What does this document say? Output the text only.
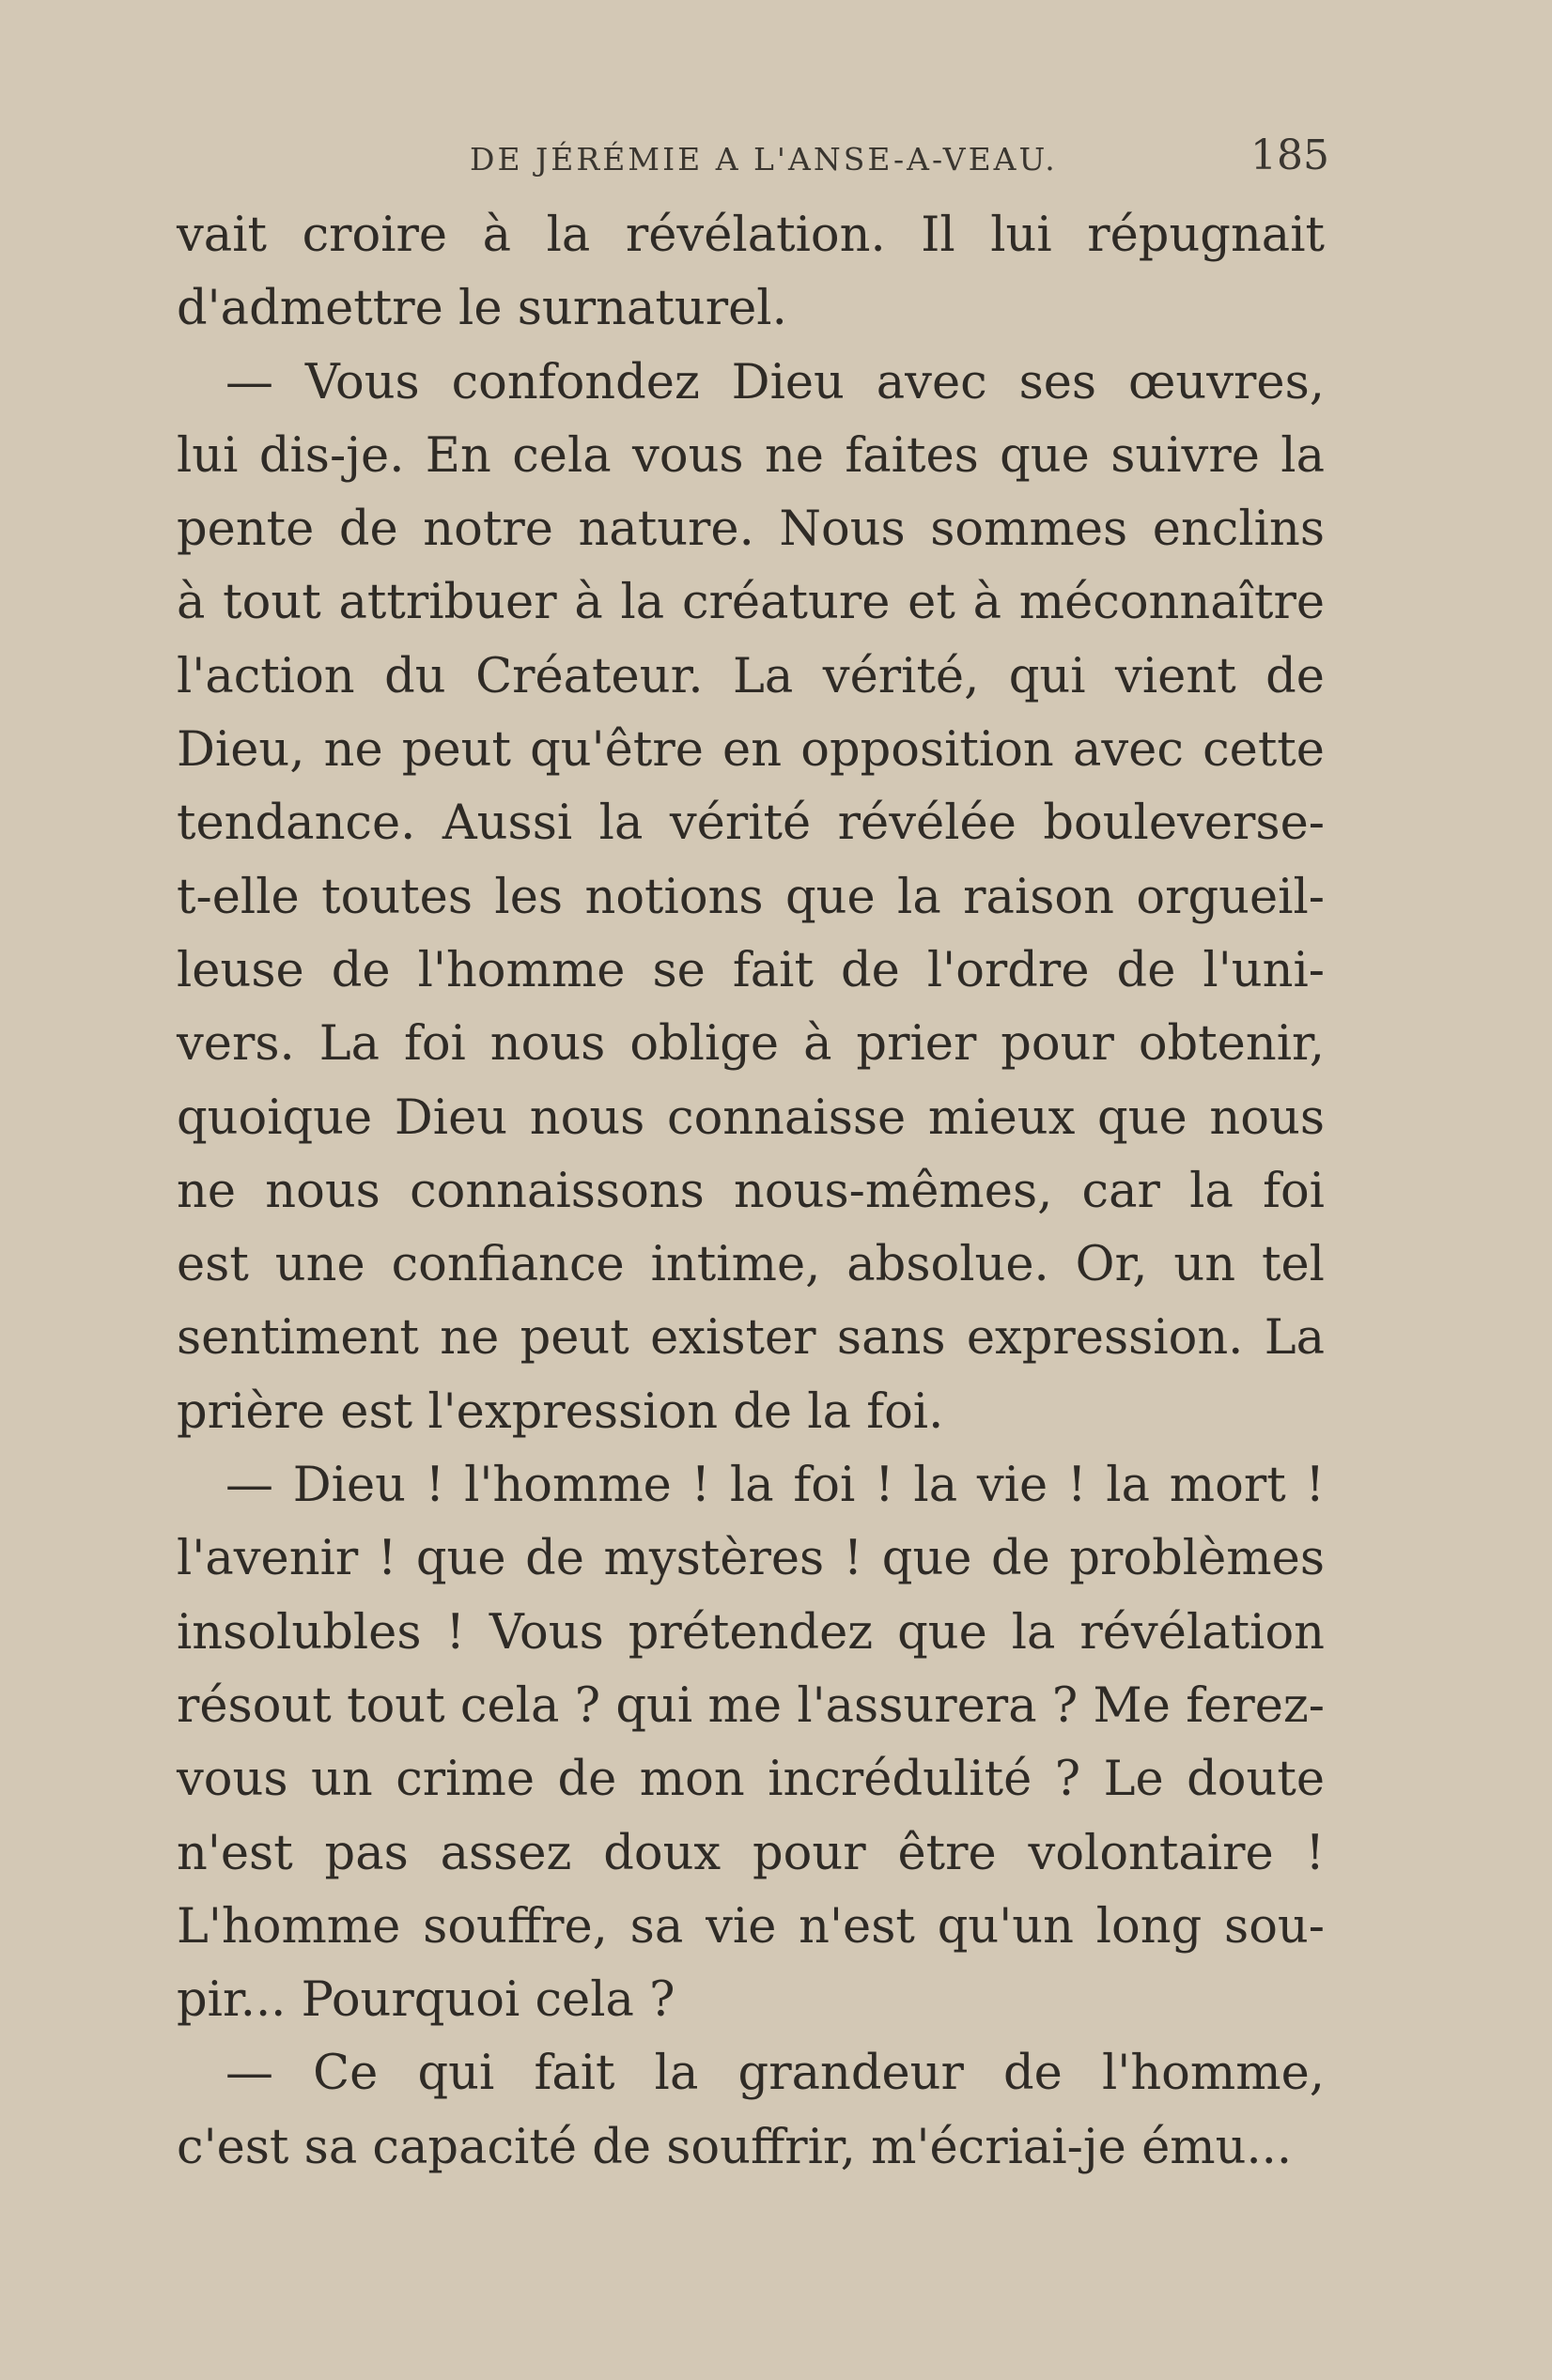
DE JÉRÉMIE A L'ANSE-A-VEAU.	185
vait croire à la révélation. Il lui répugnait
d'admettre le surnaturel.
— Vous confondez Dieu avec ses œuvres,
lui dis-je. En cela vous ne faites que suivre la
pente de notre nature. Nous sommes enclins
à tout attribuer à la créature et à méconnaître
l'action du Créateur. La vérité, qui vient de
Dieu, ne peut qu'être en opposition avec cette
tendance. Aussi la vérité révélée bouleverse-
t-elle toutes les notions que la raison orgueil-
leuse de l'homme se fait de l'ordre de l'uni-
vers. La foi nous oblige à prier pour obtenir,
quoique Dieu nous connaisse mieux que nous
ne nous connaissons nous-mêmes, car la foi
est une confiance intime, absolue. Or, un tel
sentiment ne peut exister sans expression. La
prière est l'expression de la foi.
— Dieu ! l'homme ! la foi ! la vie ! la mort !
l'avenir ! que de mystères ! que de problèmes
insolubles ! Vous prétendez que la révélation
résout tout cela ? qui me l'assurera ? Me ferez-
vous un crime de mon incrédulité ? Le doute
n'est pas assez doux pour être volontaire !
L'homme souffre, sa vie n'est qu'un long sou-
pir... Pourquoi cela ?
— Ce qui fait la grandeur de l'homme,
c'est sa capacité de souffrir, m'écriai-je ému...
